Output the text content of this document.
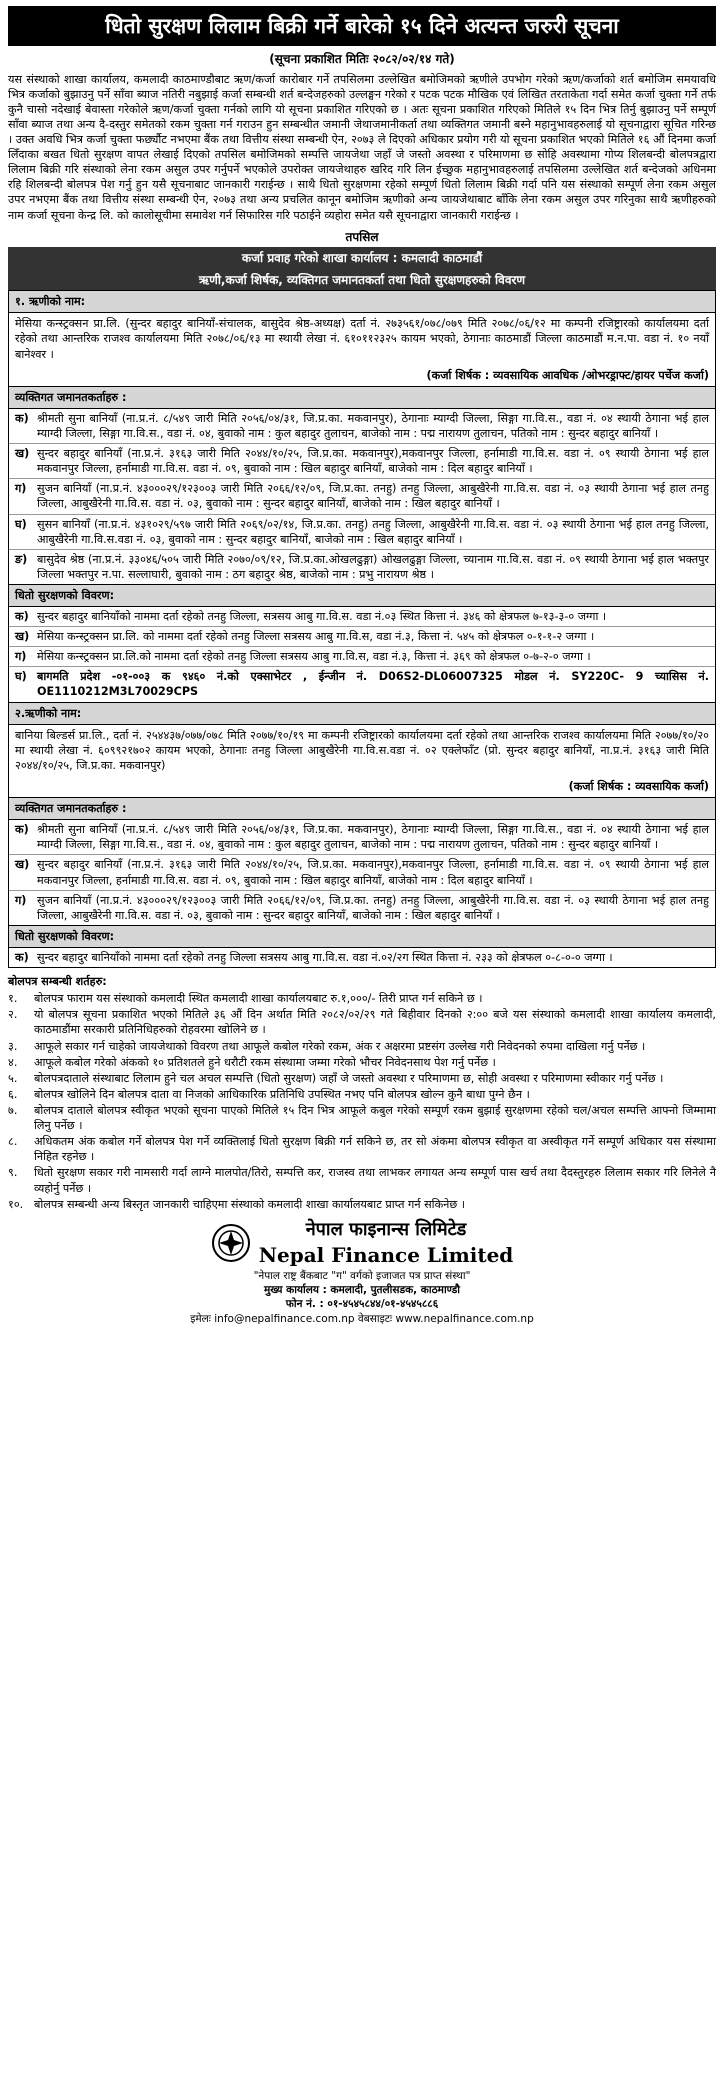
धितो सुरक्षण लिलाम बिक्री गर्ने बारेको १५ दिने अत्यन्त जरुरी सूचना
(सूचना प्रकाशित मितिः २०८२/०२/१४ गते)

यस संस्थाको शाखा कार्यालय, कमलादी काठमाण्डौबाट ऋण/कर्जा कारोबार गर्ने तपसिलमा उल्लेखित बमोजिमको ऋणीले उपभोग गरेको ऋण/कर्जाको शर्त बमोजिम समयावधि भित्र कर्जाको बुझाउनु पर्ने साँवा ब्याज नतिरी नबुझाई कर्जा सम्बन्धी शर्त बन्देजहरुको उल्लङ्घन गरेको र पटक पटक मौखिक एवं लिखित तरताकेता गर्दा समेत कर्जा चुक्ता गर्ने तर्फ कुनै चासो नदेखाई बेवास्ता गरेकोले ऋण/कर्जा चुक्ता गर्नको लागि यो सूचना प्रकाशित गरिएको छ । अतः सूचना प्रकाशित गरिएको मितिले १५ दिन भित्र तिर्नु बुझाउनु पर्ने सम्पूर्ण साँवा ब्याज तथा अन्य दै-दस्तुर समेतको रकम चुक्ता गर्न गराउन हुन सम्बन्धीत जमानी जेथाजमानीकर्ता तथा व्यक्तिगत जमानी बस्ने महानुभावहरुलाई यो सूचनाद्वारा सूचित गरिन्छ । उक्त अवधि भित्र कर्जा चुक्ता फर्छ्यौट नभएमा बैंक तथा वित्तीय संस्था सम्बन्धी ऐन, २०७३ ले दिएको अधिकार प्रयोग गरी यो सूचना प्रकाशित भएको मितिले १६ औं दिनमा कर्जा लिँदाका बखत धितो सुरक्षण वापत लेखाई दिएको तपसिल बमोजिमको सम्पत्ति जायजेथा जहाँ जे जस्तो अवस्था र परिमाणमा छ सोहि अवस्थामा गोप्य शिलबन्दी बोलपत्रद्वारा लिलाम बिक्री गरि संस्थाको लेना रकम असुल उपर गर्नुपर्ने भएकोले उपरोक्त जायजेथाहरु खरिद गरि लिन ईच्छुक महानुभावहरुलाई तपसिलमा उल्लेखित शर्त बन्देजको अधिनमा रहि शिलबन्दी बोलपत्र पेश गर्नु हुन यसै सूचनाबाट जानकारी गराईन्छ । साथै धितो सुरक्षणमा रहेको सम्पूर्ण धितो लिलाम बिक्री गर्दा पनि यस संस्थाको सम्पूर्ण लेना रकम असुल उपर नभएमा बैंक तथा वित्तीय संस्था सम्बन्धी ऐन, २०७३ तथा अन्य प्रचलित कानून बमोजिम ऋणीको अन्य जायजेथाबाट बाँकि लेना रकम असुल उपर गरिनुका साथै ऋणीहरुको नाम कर्जा सूचना केन्द्र लि. को कालोसूचीमा समावेश गर्न सिफारिस गरि पठाईने व्यहोरा समेत यसै सूचनाद्वारा जानकारी गराईन्छ ।

तपसिल
कर्जा प्रवाह गरेको शाखा कार्यालय : कमलादी काठमाडौं
ऋणी,कर्जा शिर्षक, व्यक्तिगत जमानतकर्ता तथा धितो सुरक्षणहरुको विवरण
१. ऋणीको नाम:
मेसिया कन्स्ट्रक्सन प्रा.लि. (सुन्दर बहादुर बानियाँ-संचालक, बासुदेव श्रेष्ठ-अध्यक्ष) दर्ता नं. २७३५६१/०७८/०७९ मिति २०७८/०६/१२ मा कम्पनी रजिष्ट्रारको कार्यालयमा दर्ता रहेको तथा आन्तरिक राजश्व कार्यालयमा मिति २०७८/०६/१३ मा स्थायी लेखा नं. ६१०११२३२५ कायम भएको, ठेगानाः काठमाडौं जिल्ला काठमाडौं म.न.पा. वडा नं. १० नयाँ बानेश्वर ।
(कर्जा शिर्षक : व्यवसायिक आवधिक /ओभरड्राफ्ट/हायर पर्चेज कर्जा)
व्यक्तिगत जमानतकर्ताहरु :
क) श्रीमती सुना बानियाँ (ना.प्र.नं. ८/५४९ जारी मिति २०५६/०४/३१, जि.प्र.का. मकवानपुर), ठेगानाः म्याग्दी जिल्ला, सिङ्गा गा.वि.स., वडा नं. ०४ स्थायी ठेगाना भई हाल म्याग्दी जिल्ला, सिङ्गा गा.वि.स., वडा नं. ०४, बुवाको नाम : कुल बहादुर तुलाचन, बाजेको नाम : पद्म नारायण तुलाचन, पतिको नाम : सुन्दर बहादुर बानियाँ ।
ख) सुन्दर बहादुर बानियाँ (ना.प्र.नं. ३१६३ जारी मिति २०४४/१०/२५, जि.प्र.का. मकवानपुर),मकवानपुर जिल्ला, हर्नामाडी गा.वि.स. वडा नं. ०९ स्थायी ठेगाना भई हाल मकवानपुर जिल्ला, हर्नामाडी गा.वि.स. वडा नं. ०९, बुवाको नाम : खिल बहादुर बानियाँ, बाजेको नाम : दिल बहादुर बानियाँ ।
ग) सुजन बानियाँ (ना.प्र.नं. ४३०००२९/१२३००३ जारी मिति २०६६/१२/०९, जि.प्र.का. तनहु) तनहु जिल्ला, आबुखैरेनी गा.वि.स. वडा नं. ०३ स्थायी ठेगाना भई हाल तनहु जिल्ला, आबुखैरेनी गा.वि.स. वडा नं. ०३, बुवाको नाम : सुन्दर बहादुर बानियाँ, बाजेको नाम : खिल बहादुर बानियाँ ।
घ) सुसन बानियाँ (ना.प्र.नं. ४३१०२९/५९७ जारी मिति २०६९/०२/१४, जि.प्र.का. तनहु) तनहु जिल्ला, आबुखैरेनी गा.वि.स. वडा नं. ०३ स्थायी ठेगाना भई हाल तनहु जिल्ला, आबुखैरेनी गा.वि.स.वडा नं. ०३, बुवाको नाम : सुन्दर बहादुर बानियाँ, बाजेको नाम : खिल बहादुर बानियाँ ।
ङ) बासुदेव श्रेष्ठ (ना.प्र.नं. ३३०४६/५०५ जारी मिति २०७०/०९/१२, जि.प्र.का.ओखलढुङ्गा) ओखलढुङ्गा जिल्ला, च्यानाम गा.वि.स. वडा नं. ०९ स्थायी ठेगाना भई हाल भक्तपुर जिल्ला भक्तपुर न.पा. सल्लाघारी, बुवाको नाम : ठग बहादुर श्रेष्ठ, बाजेको नाम : प्रभु नारायण श्रेष्ठ ।
धितो सुरक्षणको विवरण:
क) सुन्दर बहादुर बानियाँको नाममा दर्ता रहेको तनहु जिल्ला, सत्रसय आबु गा.वि.स. वडा नं.०३ स्थित कित्ता नं. ३४६ को क्षेत्रफल ७-१३-३-० जग्गा ।
ख) मेसिया कन्स्ट्रक्सन प्रा.लि. को नाममा दर्ता रहेको तनहु जिल्ला सत्रसय आबु गा.वि.स, वडा नं.३, कित्ता नं. ५४५ को क्षेत्रफल ०-१-१-२ जग्गा ।
ग) मेसिया कन्स्ट्रक्सन प्रा.लि.को नाममा दर्ता रहेको तनहु जिल्ला सत्रसय आबु गा.वि.स, वडा नं.३, कित्ता नं. ३६९ को क्षेत्रफल ०-७-२-० जग्गा ।
घ) बागमति प्रदेश -०१-००३ क ९४६० नं.को एक्साभेटर , ईन्जीन नं. D06S2-DL06007325 मोडल नं. SY220C- 9 च्यासिस नं. OE1110212M3L70029CPS
२.ऋणीको नाम:
बानिया बिल्डर्स प्रा.लि., दर्ता नं. २५४४३७/०७७/०७८ मिति २०७७/१०/१९ मा कम्पनी रजिष्ट्रारको कार्यालयमा दर्ता रहेको तथा आन्तरिक राजश्व कार्यालयमा मिति २०७७/१०/२० मा स्थायी लेखा नं. ६०९९२१७०२ कायम भएको, ठेगानाः तनहु जिल्ला आबुखैरेनी गा.वि.स.वडा नं. ०२ एक्लेफाँट (प्रो. सुन्दर बहादुर बानियाँ, ना.प्र.नं. ३१६३ जारी मिति २०४४/१०/२५, जि.प्र.का. मकवानपुर)
(कर्जा शिर्षक : व्यवसायिक कर्जा)
व्यक्तिगत जमानतकर्ताहरु :
क) श्रीमती सुना बानियाँ (ना.प्र.नं. ८/५४९ जारी मिति २०५६/०४/३१, जि.प्र.का. मकवानपुर), ठेगानाः म्याग्दी जिल्ला, सिङ्गा गा.वि.स., वडा नं. ०४ स्थायी ठेगाना भई हाल म्याग्दी जिल्ला, सिङ्गा गा.वि.स., वडा नं. ०४, बुवाको नाम : कुल बहादुर तुलाचन, बाजेको नाम : पद्म नारायण तुलाचन, पतिको नाम : सुन्दर बहादुर बानियाँ ।
ख) सुन्दर बहादुर बानियाँ (ना.प्र.नं. ३१६३ जारी मिति २०४४/१०/२५, जि.प्र.का. मकवानपुर),मकवानपुर जिल्ला, हर्नामाडी गा.वि.स. वडा नं. ०९ स्थायी ठेगाना भई हाल मकवानपुर जिल्ला, हर्नामाडी गा.वि.स. वडा नं. ०९, बुवाको नाम : खिल बहादुर बानियाँ, बाजेको नाम : दिल बहादुर बानियाँ ।
ग) सुजन बानियाँ (ना.प्र.नं. ४३०००२९/१२३००३ जारी मिति २०६६/१२/०९, जि.प्र.का. तनहु) तनहु जिल्ला, आबुखैरेनी गा.वि.स. वडा नं. ०३ स्थायी ठेगाना भई हाल तनहु जिल्ला, आबुखैरेनी गा.वि.स. वडा नं. ०३, बुवाको नाम : सुन्दर बहादुर बानियाँ, बाजेको नाम : खिल बहादुर बानियाँ ।
धितो सुरक्षणको विवरण:
क) सुन्दर बहादुर बानियाँको नाममा दर्ता रहेको तनहु जिल्ला सत्रसय आबु गा.वि.स. वडा नं.०२/२ग स्थित कित्ता नं. २३३ को क्षेत्रफल ०-८-०-० जग्गा ।
बोलपत्र सम्बन्धी शर्तहरु:
१.	बोलपत्र फाराम यस संस्थाको कमलादी स्थित कमलादी शाखा कार्यालयबाट रु.१,०००/- तिरी प्राप्त गर्न सकिने छ ।
२.	यो बोलपत्र सूचना प्रकाशित भएको मितिले ३६ औं दिन अर्थात मिति २०८२/०२/२९ गते बिहीवार दिनको २:०० बजे यस संस्थाको कमलादी शाखा कार्यालय कमलादी, काठमाडौंमा सरकारी प्रतिनिधिहरुको रोहवरमा खोलिने छ ।
३.	आफूले सकार गर्न चाहेको जायजेथाको विवरण तथा आफूले कबोल गरेको रकम, अंक र अक्षरमा प्रष्टसंग उल्लेख गरी निवेदनको रुपमा दाखिला गर्नु पर्नेछ ।
४.	आफूले कबोल गरेको अंकको १० प्रतिशतले हुने धरौटी रकम संस्थामा जम्मा गरेको भौचर निवेदनसाथ पेश गर्नु पर्नेछ ।
५.	बोलपत्रदाताले संस्थाबाट लिलाम हुने चल अचल सम्पत्ति (धितो सुरक्षण) जहाँ जे जस्तो अवस्था र परिमाणमा छ, सोही अवस्था र परिमाणमा स्वीकार गर्नु पर्नेछ ।
६.	बोलपत्र खोलिने दिन बोलपत्र दाता वा निजको आधिकारिक प्रतिनिधि उपस्थित नभए पनि बोलपत्र खोल्न कुनै बाधा पुग्ने छैन ।
७.	बोलपत्र दाताले बोलपत्र स्वीकृत भएको सूचना पाएको मितिले १५ दिन भित्र आफूले कबुल गरेको सम्पूर्ण रकम बुझाई सुरक्षणमा रहेको चल/अचल सम्पत्ति आफ्नो जिम्मामा लिनु पर्नेछ ।
८.	अधिकतम अंक कबोल गर्ने बोलपत्र पेश गर्ने व्यक्तिलाई धितो सुरक्षण बिक्री गर्न सकिने छ, तर सो अंकमा बोलपत्र स्वीकृत वा अस्वीकृत गर्ने सम्पूर्ण अधिकार यस संस्थामा निहित रहनेछ ।
९.	धितो सुरक्षण सकार गरी नामसारी गर्दा लाग्ने मालपोत/तिरो, सम्पत्ति कर, राजस्व तथा लाभकर लगायत अन्य सम्पूर्ण पास खर्च तथा दैदस्तुरहरु लिलाम सकार गरि लिनेले नै व्यहोर्नु पर्नेछ ।
१०. बोलपत्र सम्बन्धी अन्य बिस्तृत जानकारी चाहिएमा संस्थाको कमलादी शाखा कार्यालयबाट प्राप्त गर्न सकिनेछ ।
नेपाल फाइनान्स लिमिटेड
Nepal Finance Limited
"नेपाल राष्ट्र बैंकबाट "ग" वर्गको इजाजत पत्र प्राप्त संस्था"
मुख्य कार्यालय : कमलादी, पुतलीसडक, काठमाण्डौ
फोन नं. : ०१-४५४५८४४/०१-४५४५८८६
इमेलः info@nepalfinance.com.np वेबसाइटः www.nepalfinance.com.np
